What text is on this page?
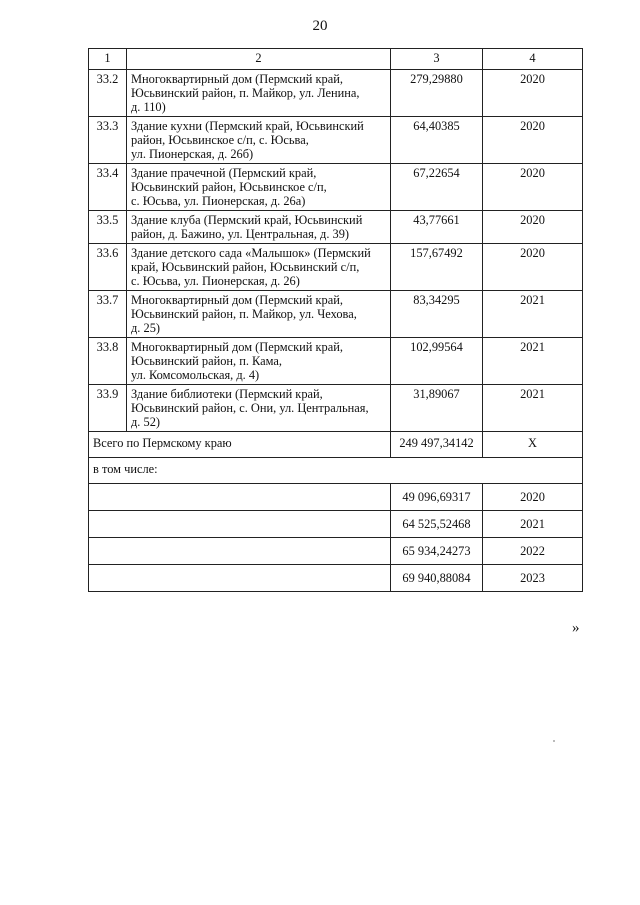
20
1	2	3	4
33.2	Многоквартирный дом (Пермский край,
Юсьвинский район, п. Майкор, ул. Ленина,
д. 110)	279,29880	2020
33.3	Здание кухни (Пермский край, Юсьвинский
район, Юсьвинское с/п, с. Юсьва,
ул. Пионерская, д. 26б)	64,40385	2020
33.4	Здание прачечной (Пермский край,
Юсьвинский район, Юсьвинское с/п,
с. Юсьва, ул. Пионерская, д. 26а)	67,22654	2020
33.5	Здание клуба (Пермский край, Юсьвинский
район, д. Бажино, ул. Центральная, д. 39)	43,77661	2020
33.6	Здание детского сада «Малышок» (Пермский
край, Юсьвинский район, Юсьвинский с/п,
с. Юсьва, ул. Пионерская, д. 26)	157,67492	2020
33.7	Многоквартирный дом (Пермский край,
Юсьвинский район, п. Майкор, ул. Чехова,
д. 25)	83,34295	2021
33.8	Многоквартирный дом (Пермский край,
Юсьвинский район, п. Кама,
ул. Комсомольская, д. 4)	102,99564	2021
33.9	Здание библиотеки (Пермский край,
Юсьвинский район, с. Они, ул. Центральная,
д. 52)	31,89067	2021
Всего по Пермскому краю		249 497,34142	X
в том числе:			
		49 096,69317	2020
		64 525,52468	2021
		65 934,24273	2022
		69 940,88084	2023
»
